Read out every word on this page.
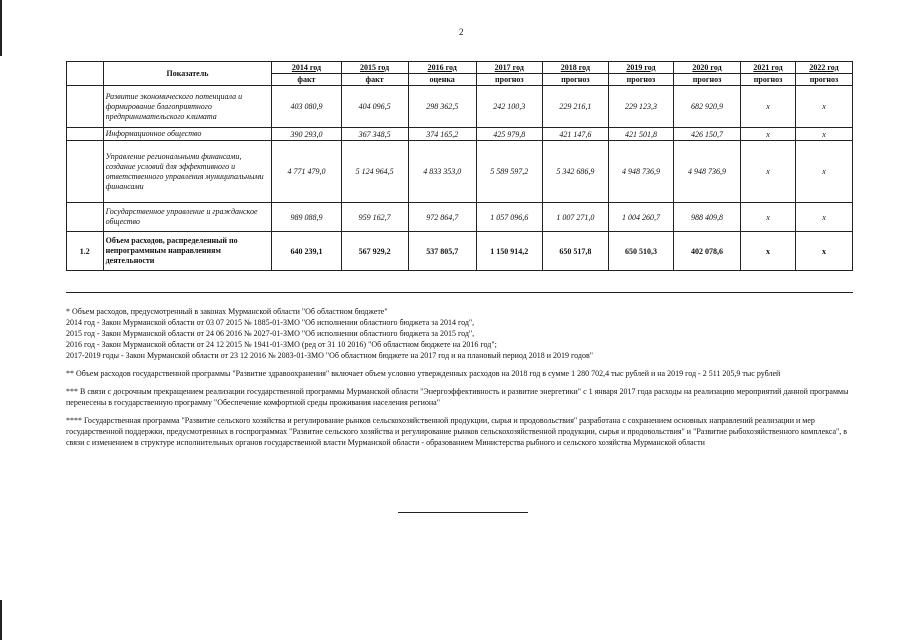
2
	Показатель	2014 год	2015 год	2016 год	2017 год	2018 год	2019 год	2020 год	2021 год	2022 год
		факт	факт	оценка	прогноз	прогноз	прогноз	прогноз	прогноз	прогноз
	Развитие экономического потенциала и формирование благоприятного предпринимательского климата	403 080,9	404 096,5	298 362,5	242 100,3	229 216,1	229 123,3	682 920,9	х	х
	Информационное общество	390 293,0	367 348,5	374 165,2	425 979,8	421 147,6	421 501,8	426 150,7	х	х
	Управление региональными финансами, создание условий для эффективного и ответственного управления муниципальными финансами	4 771 479,0	5 124 964,5	4 833 353,0	5 589 597,2	5 342 686,9	4 948 736,9	4 948 736,9	х	х
	Государственное управление и гражданское общество	989 088,9	959 162,7	972 864,7	1 057 096,6	1 007 271,0	1 004 260,7	988 409,8	х	х
1.2	Объем расходов, распределенный по непрограммным направлениям деятельности	640 239,1	567 929,2	537 805,7	1 150 914,2	650 517,8	650 510,3	402 078,6	х	х

* Объем расходов, предусмотренный в законах Мурманской области "Об областном бюджете"

2014 год - Закон Мурманской области от 03 07 2015 № 1885-01-ЗМО "Об исполнении областного бюджета за 2014 год",

2015 год - Закон Мурманской области от 24 06 2016 № 2027-01-ЗМО "Об исполнении областного бюджета за 2015 год",

2016 год - Закон Мурманской области от 24 12 2015 № 1941-01-ЗМО (ред от 31 10 2016) "Об областном бюджете на 2016 год";

2017-2019 годы - Закон Мурманской области от 23 12 2016 № 2083-01-ЗМО "Об областном бюджете на 2017 год и на плановый период 2018 и 2019 годов"

** Объем расходов государственной программы "Развитие здравоохранения" включает объем условно утвержденных расходов на 2018 год в сумме 1 280 702,4 тыс рублей и на 2019 год - 2 511 205,9 тыс рублей

*** В связи с досрочным прекращением реализации государственной программы Мурманской области "Энергоэффективность и развитие энергетики" с 1 января 2017 года расходы на реализацию мероприятий данной программы перенесены в государственную программу "Обеспечение комфортной среды проживания населения региона"

**** Государственная программа "Развитие сельского хозяйства и регулирование рынков сельскохозяйственной продукции, сырья и продовольствия" разработана с сохранением основных направлений реализации и мер государственной поддержки, предусмотренных в госпрограммах "Развитие сельского хозяйства и регулирование рынков сельскохозяйственной продукции, сырья и продовольствия" и "Развитие рыбохозяйственного комплекса", в связи с изменением в структуре исполнительных органов государственной власти Мурманской области - образованием Министерства рыбного и сельского хозяйства Мурманской области
